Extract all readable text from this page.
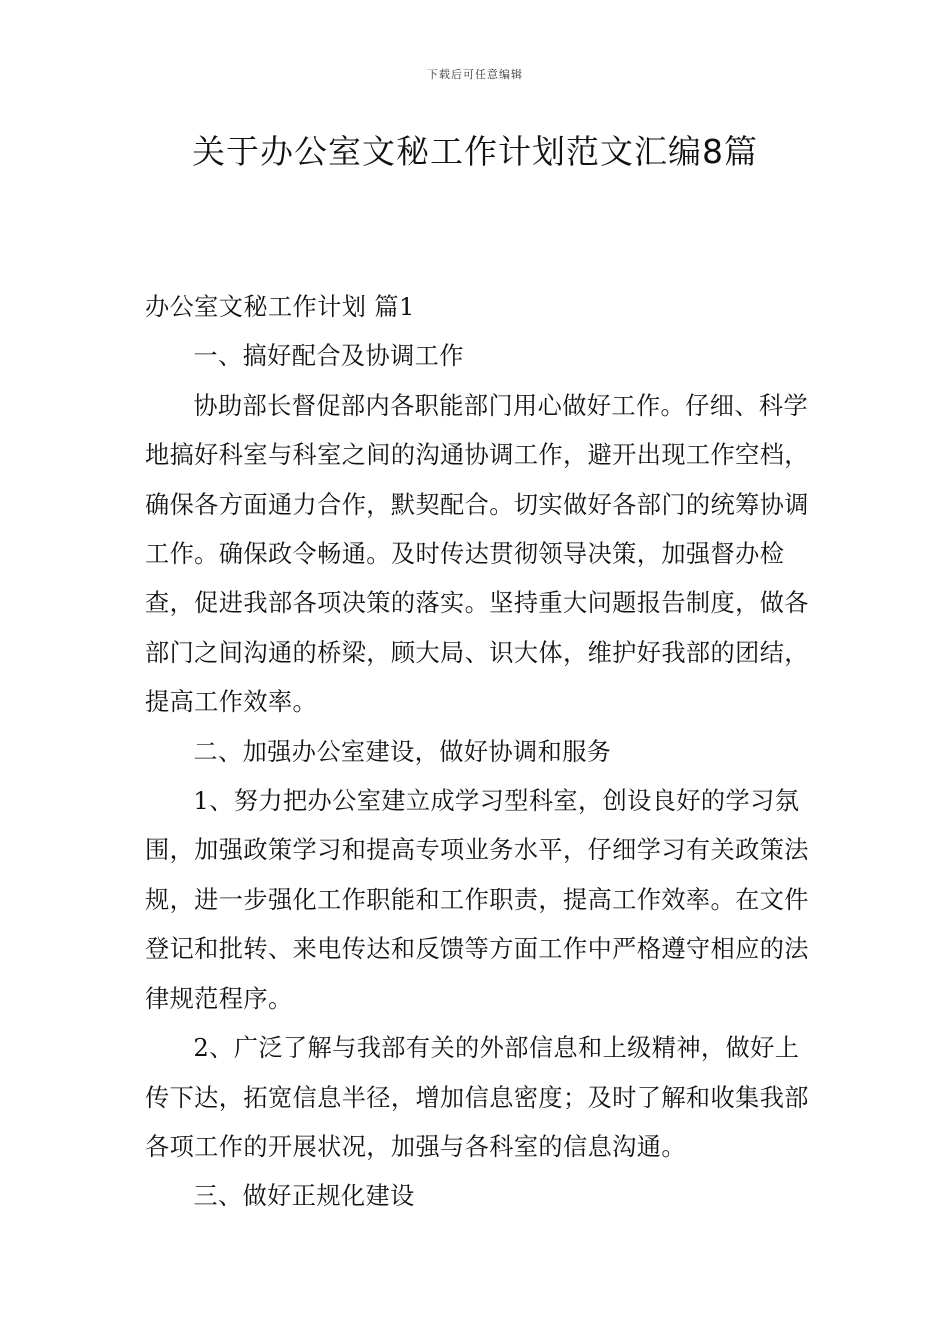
下载后可任意编辑
关于办公室文秘工作计划范文汇编8篇

办公室文秘工作计划 篇1

一、搞好配合及协调工作

协助部长督促部内各职能部门用心做好工作。仔细、科学地搞好科室与科室之间的沟通协调工作，避开出现工作空档，确保各方面通力合作，默契配合。切实做好各部门的统筹协调工作。确保政令畅通。及时传达贯彻领导决策，加强督办检查，促进我部各项决策的落实。坚持重大问题报告制度，做各部门之间沟通的桥梁，顾大局、识大体，维护好我部的团结，提高工作效率。

二、加强办公室建设，做好协调和服务

1、努力把办公室建立成学习型科室，创设良好的学习氛围，加强政策学习和提高专项业务水平，仔细学习有关政策法规，进一步强化工作职能和工作职责，提高工作效率。在文件登记和批转、来电传达和反馈等方面工作中严格遵守相应的法律规范程序。

2、广泛了解与我部有关的外部信息和上级精神，做好上传下达，拓宽信息半径，增加信息密度；及时了解和收集我部各项工作的开展状况，加强与各科室的信息沟通。

三、做好正规化建设
